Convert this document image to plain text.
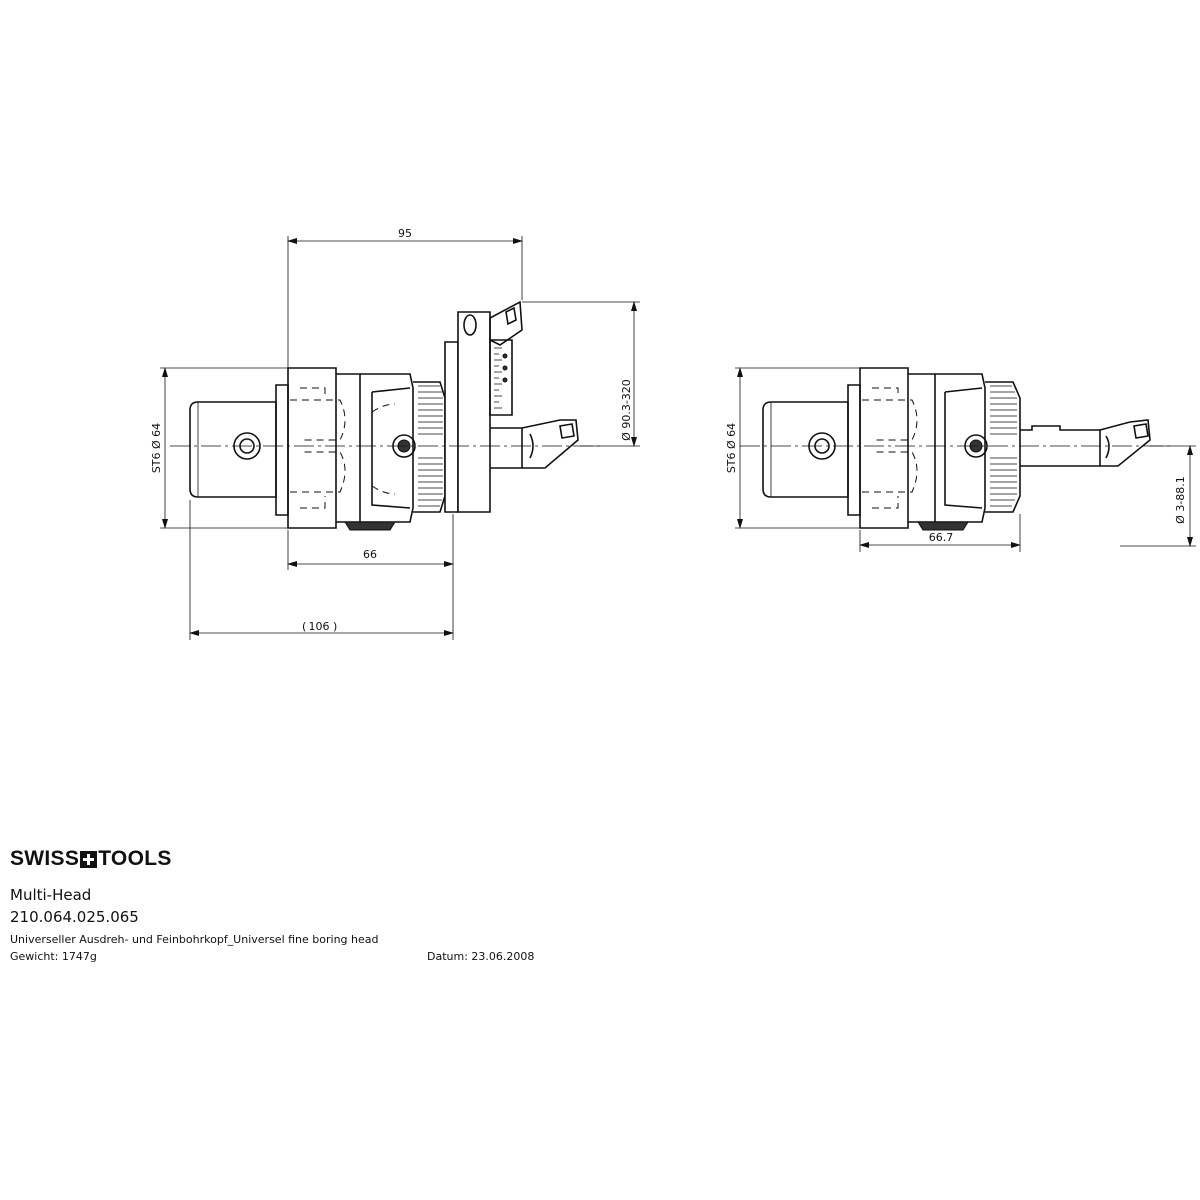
95
66
( 106 )
ST6 Ø 64
Ø 90.3-320
ST6 Ø 64
66.7
Ø 3-88.1
SWISS TOOLS
Multi-Head
210.064.025.065
Universeller Ausdreh- und Feinbohrkopf_Universel fine boring head
Gewicht: 1747g	Datum: 23.06.2008
